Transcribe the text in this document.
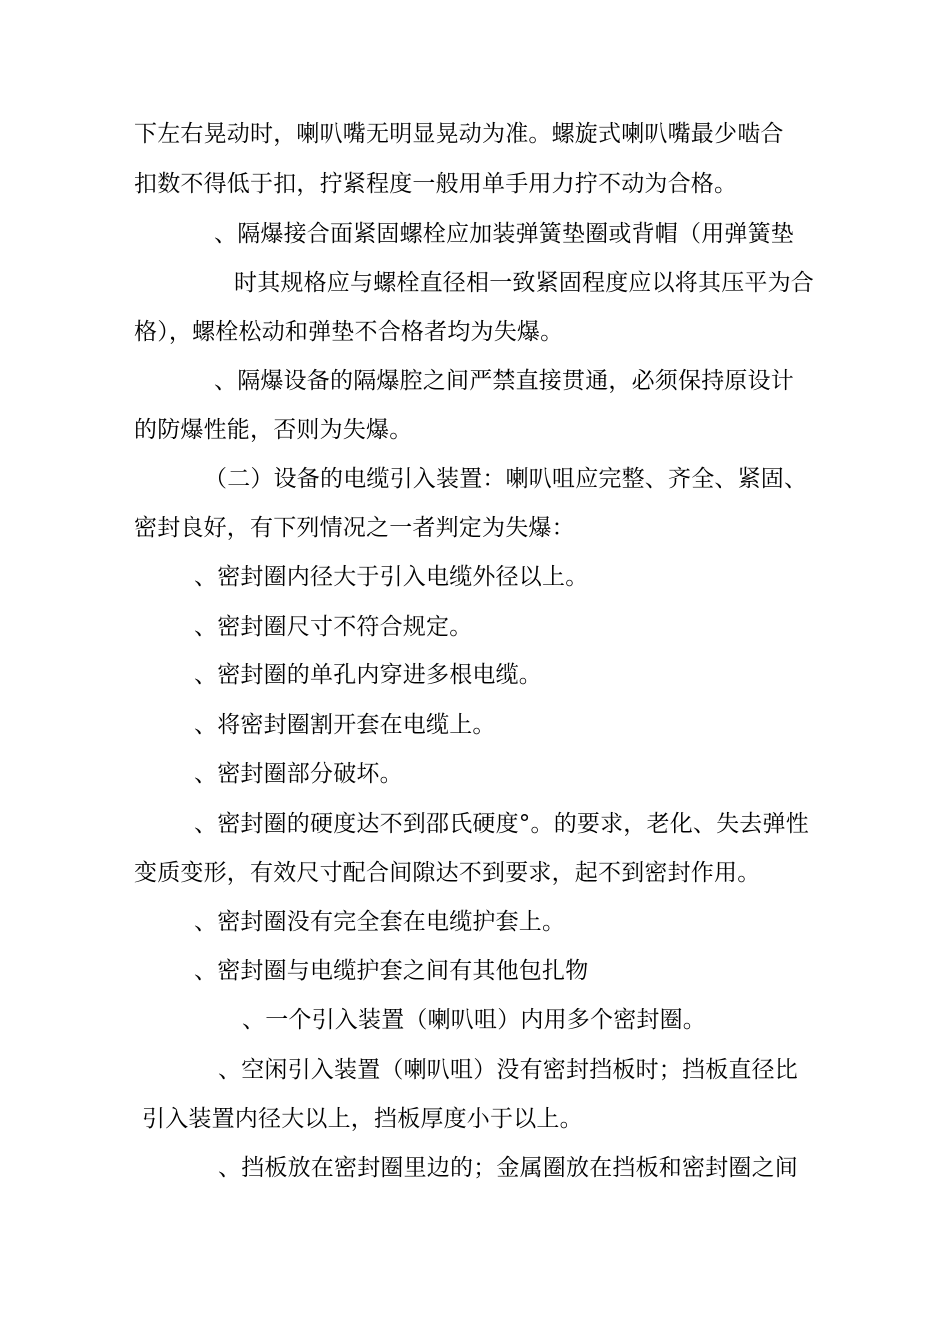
下左右晃动时，喇叭嘴无明显晃动为准。螺旋式喇叭嘴最少啮合
扣数不得低于扣，拧紧程度一般用单手用力拧不动为合格。
、隔爆接合面紧固螺栓应加装弹簧垫圈或背帽（用弹簧垫
时其规格应与螺栓直径相一致紧固程度应以将其压平为合
格），螺栓松动和弹垫不合格者均为失爆。
、隔爆设备的隔爆腔之间严禁直接贯通，必须保持原设计
的防爆性能，否则为失爆。
（二）设备的电缆引入装置：喇叭咀应完整、齐全、紧固、
密封良好，有下列情况之一者判定为失爆：
、密封圈内径大于引入电缆外径以上。
、密封圈尺寸不符合规定。
、密封圈的单孔内穿进多根电缆。
、将密封圈割开套在电缆上。
、密封圈部分破坏。
、密封圈的硬度达不到邵氏硬度°。的要求，老化、失去弹性
变质变形，有效尺寸配合间隙达不到要求，起不到密封作用。
、密封圈没有完全套在电缆护套上。
、密封圈与电缆护套之间有其他包扎物
、一个引入装置（喇叭咀）内用多个密封圈。
、空闲引入装置（喇叭咀）没有密封挡板时；挡板直径比
引入装置内径大以上，挡板厚度小于以上。
、挡板放在密封圈里边的；金属圈放在挡板和密封圈之间
